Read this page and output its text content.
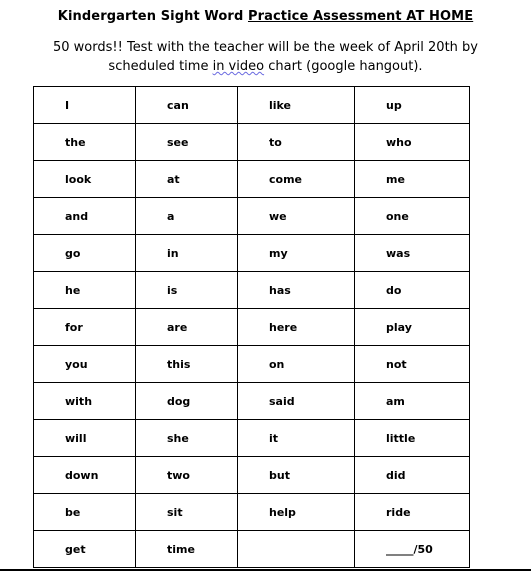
Kindergarten Sight Word Practice Assessment AT HOME
50 words!! Test with the teacher will be the week of April 20th by
scheduled time in video chart (google hangout).
I	can	like	up
the	see	to	who
look	at	come	me
and	a	we	one
go	in	my	was
he	is	has	do
for	are	here	play
you	this	on	not
with	dog	said	am
will	she	it	little
down	two	but	did
be	sit	help	ride
get	time		_____/50
